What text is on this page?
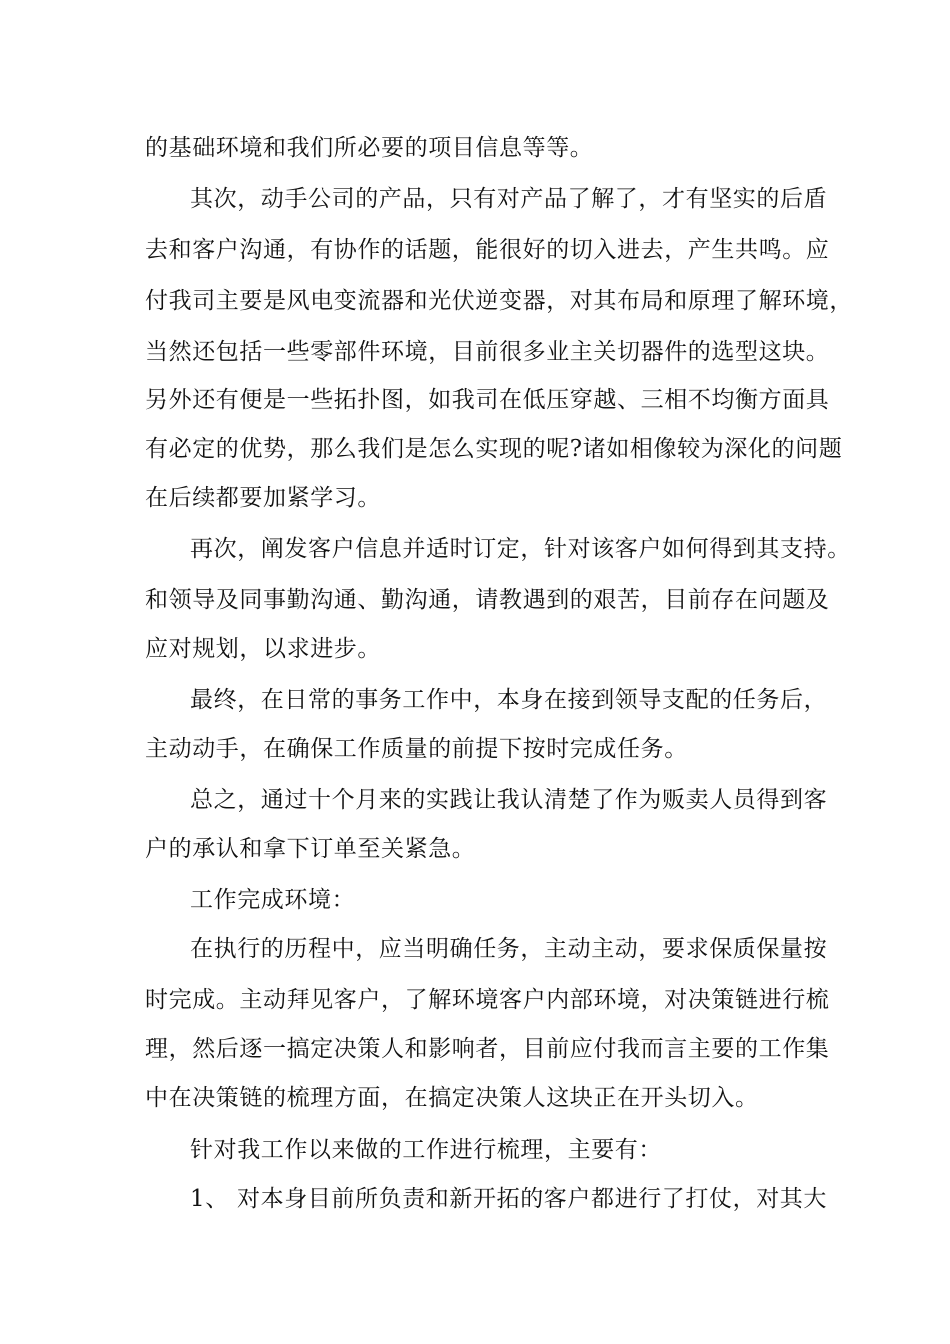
的基础环境和我们所必要的项目信息等等。
其次，动手公司的产品，只有对产品了解了，才有坚实的后盾
去和客户沟通，有协作的话题，能很好的切入进去，产生共鸣。应
付我司主要是风电变流器和光伏逆变器，对其布局和原理了解环境，
当然还包括一些零部件环境，目前很多业主关切器件的选型这块。
另外还有便是一些拓扑图，如我司在低压穿越、三相不均衡方面具
有必定的优势，那么我们是怎么实现的呢?诸如相像较为深化的问题
在后续都要加紧学习。
再次，阐发客户信息并适时订定，针对该客户如何得到其支持。
和领导及同事勤沟通、勤沟通，请教遇到的艰苦，目前存在问题及
应对规划，以求进步。
最终，在日常的事务工作中，本身在接到领导支配的任务后，
主动动手，在确保工作质量的前提下按时完成任务。
总之，通过十个月来的实践让我认清楚了作为贩卖人员得到客
户的承认和拿下订单至关紧急。
工作完成环境：
在执行的历程中，应当明确任务，主动主动，要求保质保量按
时完成。主动拜见客户，了解环境客户内部环境，对决策链进行梳
理，然后逐一搞定决策人和影响者，目前应付我而言主要的工作集
中在决策链的梳理方面，在搞定决策人这块正在开头切入。
针对我工作以来做的工作进行梳理，主要有：
1、 对本身目前所负责和新开拓的客户都进行了打仗，对其大
